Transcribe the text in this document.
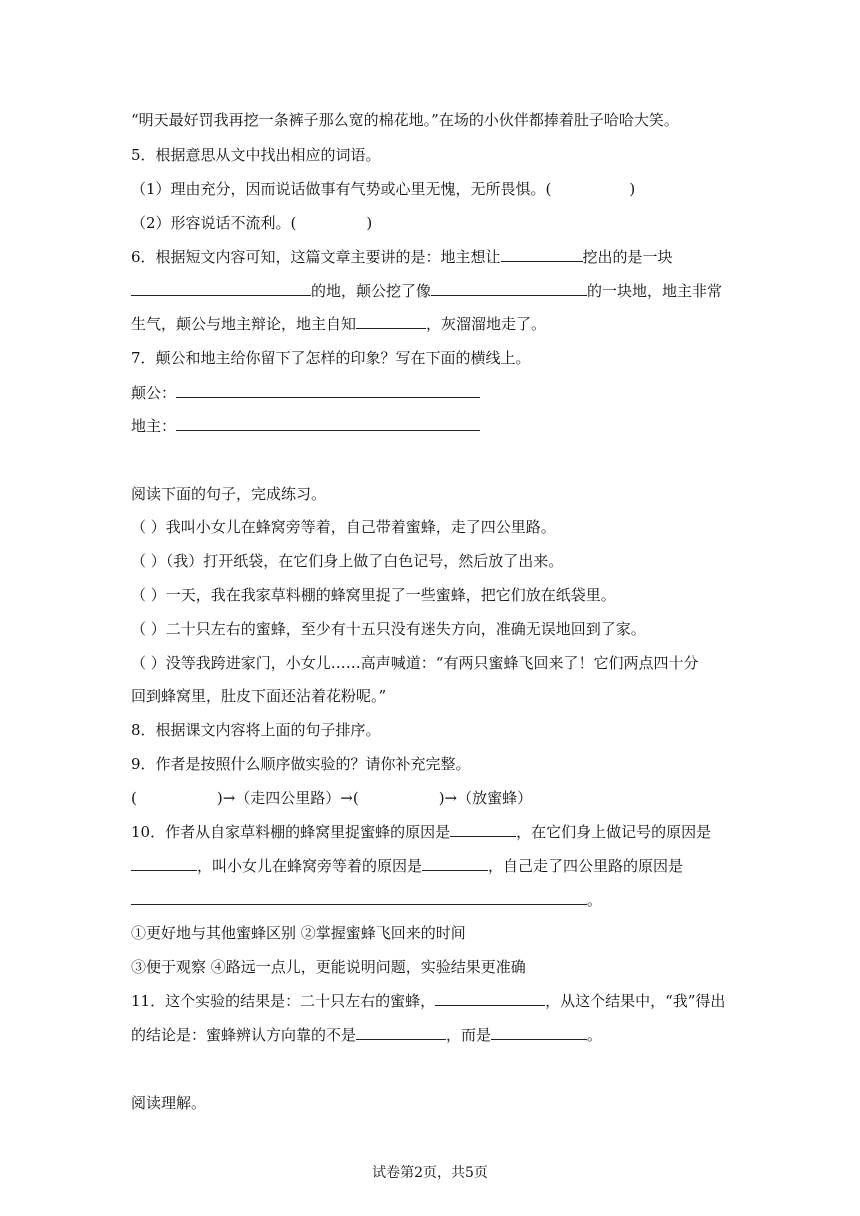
“明天最好罚我再挖一条裤子那么宽的棉花地。”在场的小伙伴都捧着肚子哈哈大笑。
5．根据意思从文中找出相应的词语。
（1）理由充分，因而说话做事有气势或心里无愧，无所畏惧。(	)
（2）形容说话不流利。(	)
6．根据短文内容可知，这篇文章主要讲的是：地主想让	挖出的是一块
的地，颠公挖了像	的一块地，地主非常
生气，颠公与地主辩论，地主自知	，灰溜溜地走了。
7．颠公和地主给你留下了怎样的印象？写在下面的横线上。
颠公：
地主：
阅读下面的句子，完成练习。
（ ）我叫小女儿在蜂窝旁等着，自己带着蜜蜂，走了四公里路。
（ ）（我）打开纸袋，在它们身上做了白色记号，然后放了出来。
（ ）一天，我在我家草料棚的蜂窝里捉了一些蜜蜂，把它们放在纸袋里。
（ ）二十只左右的蜜蜂，至少有十五只没有迷失方向，准确无误地回到了家。
（ ）没等我跨进家门，小女儿……高声喊道：“有两只蜜蜂飞回来了！它们两点四十分
回到蜂窝里，肚皮下面还沾着花粉呢。”
8．根据课文内容将上面的句子排序。
9．作者是按照什么顺序做实验的？请你补充完整。
(	)→（走四公里路）→(	)→（放蜜蜂）
10．作者从自家草料棚的蜂窝里捉蜜蜂的原因是	，在它们身上做记号的原因是
，叫小女儿在蜂窝旁等着的原因是	，自己走了四公里路的原因是
。
①更好地与其他蜜蜂区别 ②掌握蜜蜂飞回来的时间
③便于观察 ④路远一点儿，更能说明问题，实验结果更准确
11．这个实验的结果是：二十只左右的蜜蜂，	，从这个结果中，“我”得出
的结论是：蜜蜂辨认方向靠的不是	，而是	。
阅读理解。
试卷第2页，共5页
